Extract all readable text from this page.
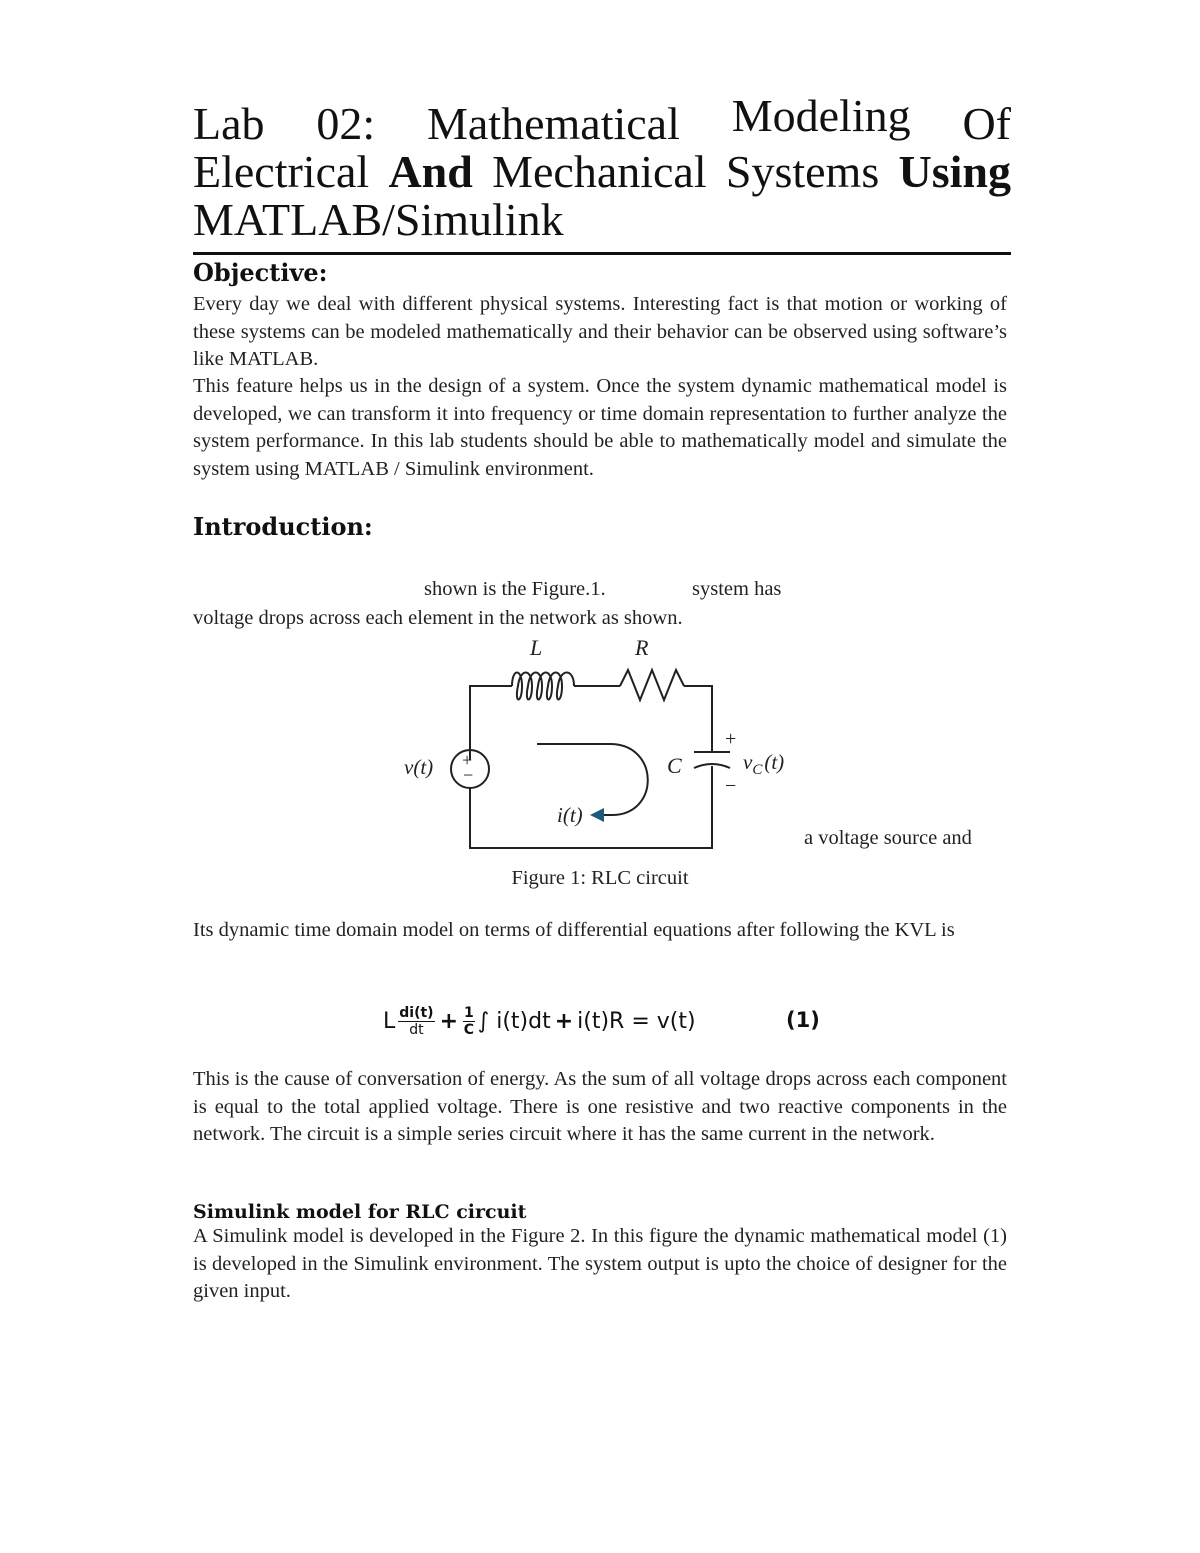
Lab 02: Mathematical Modeling Of
Electrical And Mechanical Systems Using
MATLAB/Simulink
Objective:
Every day we deal with different physical systems. Interesting fact is that motion or working of these systems can be modeled mathematically and their behavior can be observed using software’s like MATLAB.
This feature helps us in the design of a system. Once the system dynamic mathematical model is developed, we can transform it into frequency or time domain representation to further analyze the system performance. In this lab students should be able to mathematically model and simulate the system using MATLAB / Simulink environment.
Introduction:
shown is the Figure.1.	system has
voltage drops across each element in the network as shown.
L	R
C
v(t)
i(t)
+
−
+
−
$v_C(t)$
a voltage source and
Figure 1: RLC circuit
Its dynamic time domain model on terms of differential equations after following the KVL is
L $\frac{di(t)}{dt} + \frac{1}{C}$ ∫ i(t)dt + i(t)R = v(t)	(1)
This is the cause of conversation of energy. As the sum of all voltage drops across each component is equal to the total applied voltage. There is one resistive and two reactive components in the network. The circuit is a simple series circuit where it has the same current in the network.
Simulink model for RLC circuit
A Simulink model is developed in the Figure 2. In this figure the dynamic mathematical model (1) is developed in the Simulink environment. The system output is upto the choice of designer for the given input.
